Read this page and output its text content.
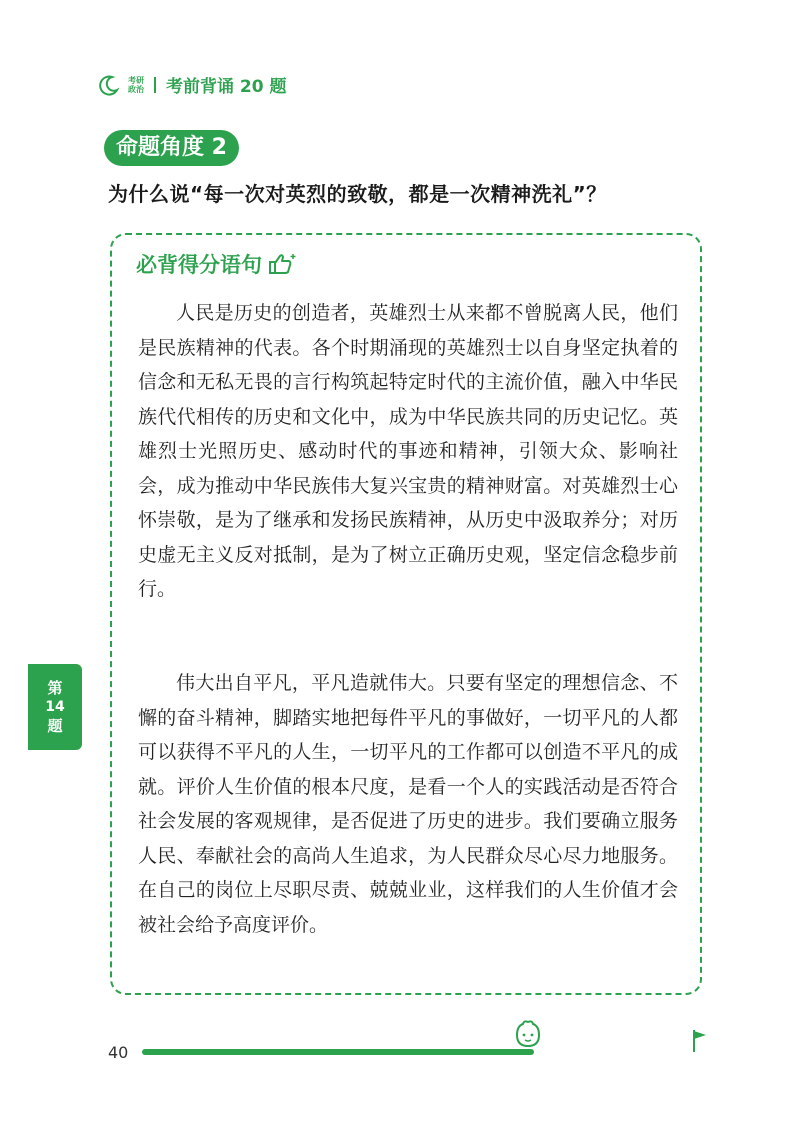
考研
政治 考前背诵 20 题
命题角度 2
为什么说“每一次对英烈的致敬，都是一次精神洗礼”？
必背得分语句

人民是历史的创造者，英雄烈士从来都不曾脱离人民，他们是民族精神的代表。各个时期涌现的英雄烈士以自身坚定执着的信念和无私无畏的言行构筑起特定时代的主流价值，融入中华民族代代相传的历史和文化中，成为中华民族共同的历史记忆。英雄烈士光照历史、感动时代的事迹和精神，引领大众、影响社会，成为推动中华民族伟大复兴宝贵的精神财富。对英雄烈士心怀崇敬，是为了继承和发扬民族精神，从历史中汲取养分；对历史虚无主义反对抵制，是为了树立正确历史观，坚定信念稳步前行。

伟大出自平凡，平凡造就伟大。只要有坚定的理想信念、不懈的奋斗精神，脚踏实地把每件平凡的事做好，一切平凡的人都可以获得不平凡的人生，一切平凡的工作都可以创造不平凡的成就。评价人生价值的根本尺度，是看一个人的实践活动是否符合社会发展的客观规律，是否促进了历史的进步。我们要确立服务人民、奉献社会的高尚人生追求，为人民群众尽心尽力地服务。在自己的岗位上尽职尽责、兢兢业业，这样我们的人生价值才会被社会给予高度评价。

第
14
题
40
